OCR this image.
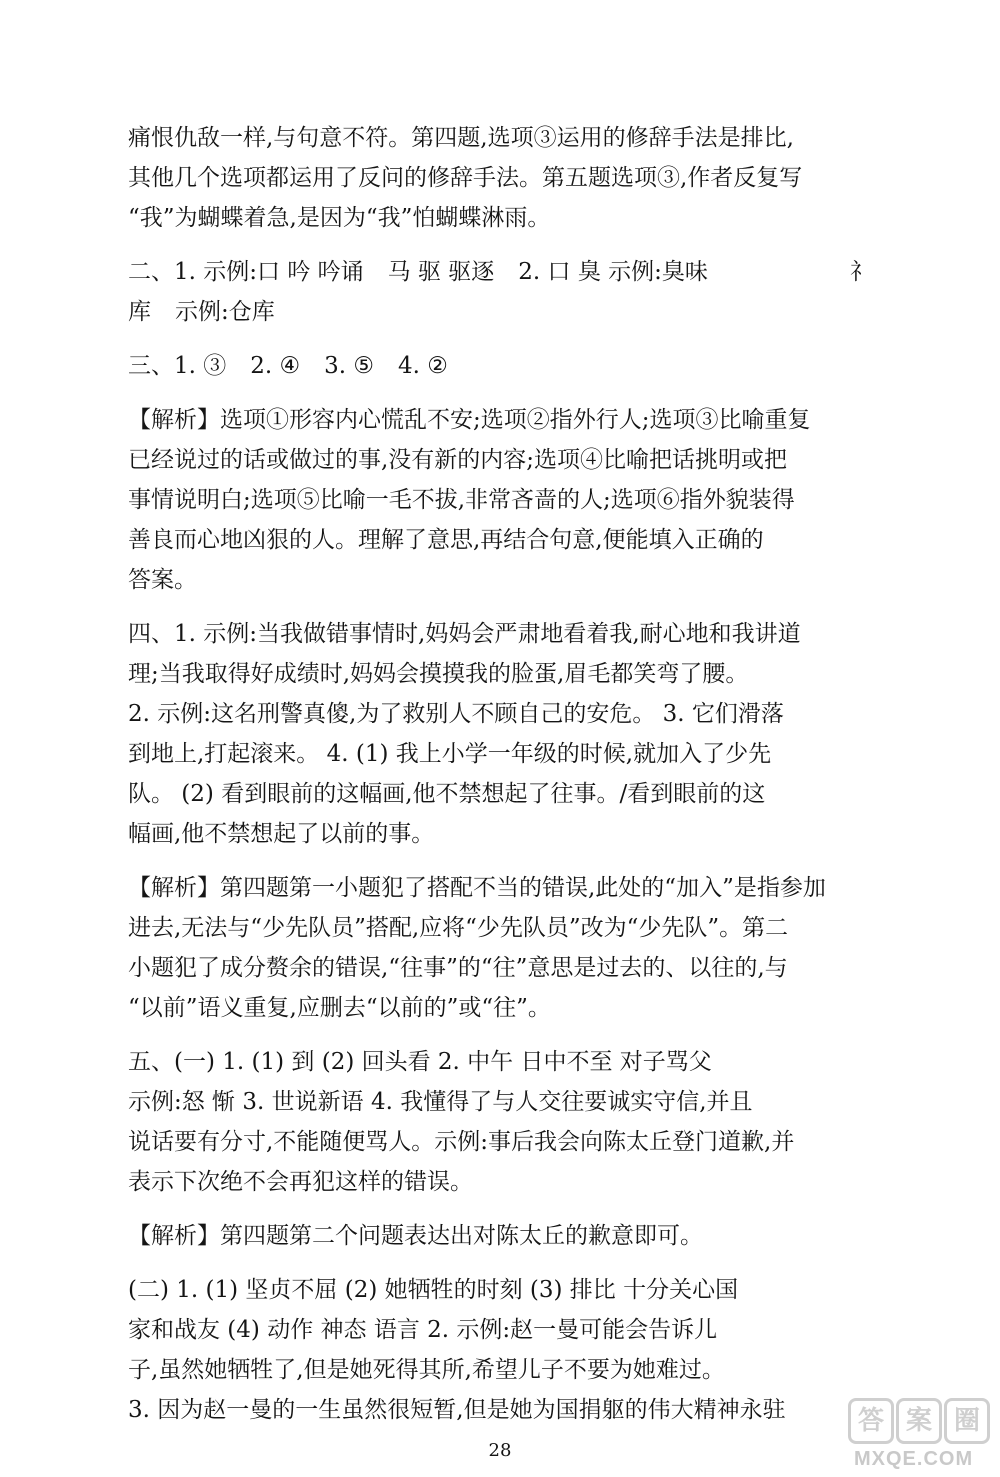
痛恨仇敌一样,与句意不符。第四题,选项③运用的修辞手法是排比,
其他几个选项都运用了反问的修辞手法。第五题选项③,作者反复写
“我”为蝴蝶着急,是因为“我”怕蝴蝶淋雨。
二、1. 示例:口 吟 吟诵 马 驱 驱逐 2. 口 臭 示例:臭味	礻
库 示例:仓库
三、1. ③ 2. ④ 3. ⑤ 4. ②
【解析】选项①形容内心慌乱不安;选项②指外行人;选项③比喻重复
已经说过的话或做过的事,没有新的内容;选项④比喻把话挑明或把
事情说明白;选项⑤比喻一毛不拔,非常吝啬的人;选项⑥指外貌装得
善良而心地凶狠的人。理解了意思,再结合句意,便能填入正确的
答案。
四、1. 示例:当我做错事情时,妈妈会严肃地看着我,耐心地和我讲道
理;当我取得好成绩时,妈妈会摸摸我的脸蛋,眉毛都笑弯了腰。
2. 示例:这名刑警真傻,为了救别人不顾自己的安危。 3. 它们滑落
到地上,打起滚来。 4. (1) 我上小学一年级的时候,就加入了少先
队。 (2) 看到眼前的这幅画,他不禁想起了往事。/看到眼前的这
幅画,他不禁想起了以前的事。
【解析】第四题第一小题犯了搭配不当的错误,此处的“加入”是指参加
进去,无法与“少先队员”搭配,应将“少先队员”改为“少先队”。第二
小题犯了成分赘余的错误,“往事”的“往”意思是过去的、以往的,与
“以前”语义重复,应删去“以前的”或“往”。
五、(一) 1. (1) 到 (2) 回头看 2. 中午 日中不至 对子骂父
示例:怒 惭 3. 世说新语 4. 我懂得了与人交往要诚实守信,并且
说话要有分寸,不能随便骂人。示例:事后我会向陈太丘登门道歉,并
表示下次绝不会再犯这样的错误。
【解析】第四题第二个问题表达出对陈太丘的歉意即可。
(二) 1. (1) 坚贞不屈 (2) 她牺牲的时刻 (3) 排比 十分关心国
家和战友 (4) 动作 神态 语言 2. 示例:赵一曼可能会告诉儿
子,虽然她牺牲了,但是她死得其所,希望儿子不要为她难过。
3. 因为赵一曼的一生虽然很短暂,但是她为国捐躯的伟大精神永驻
28
答 案 圈
MXQE.COM
